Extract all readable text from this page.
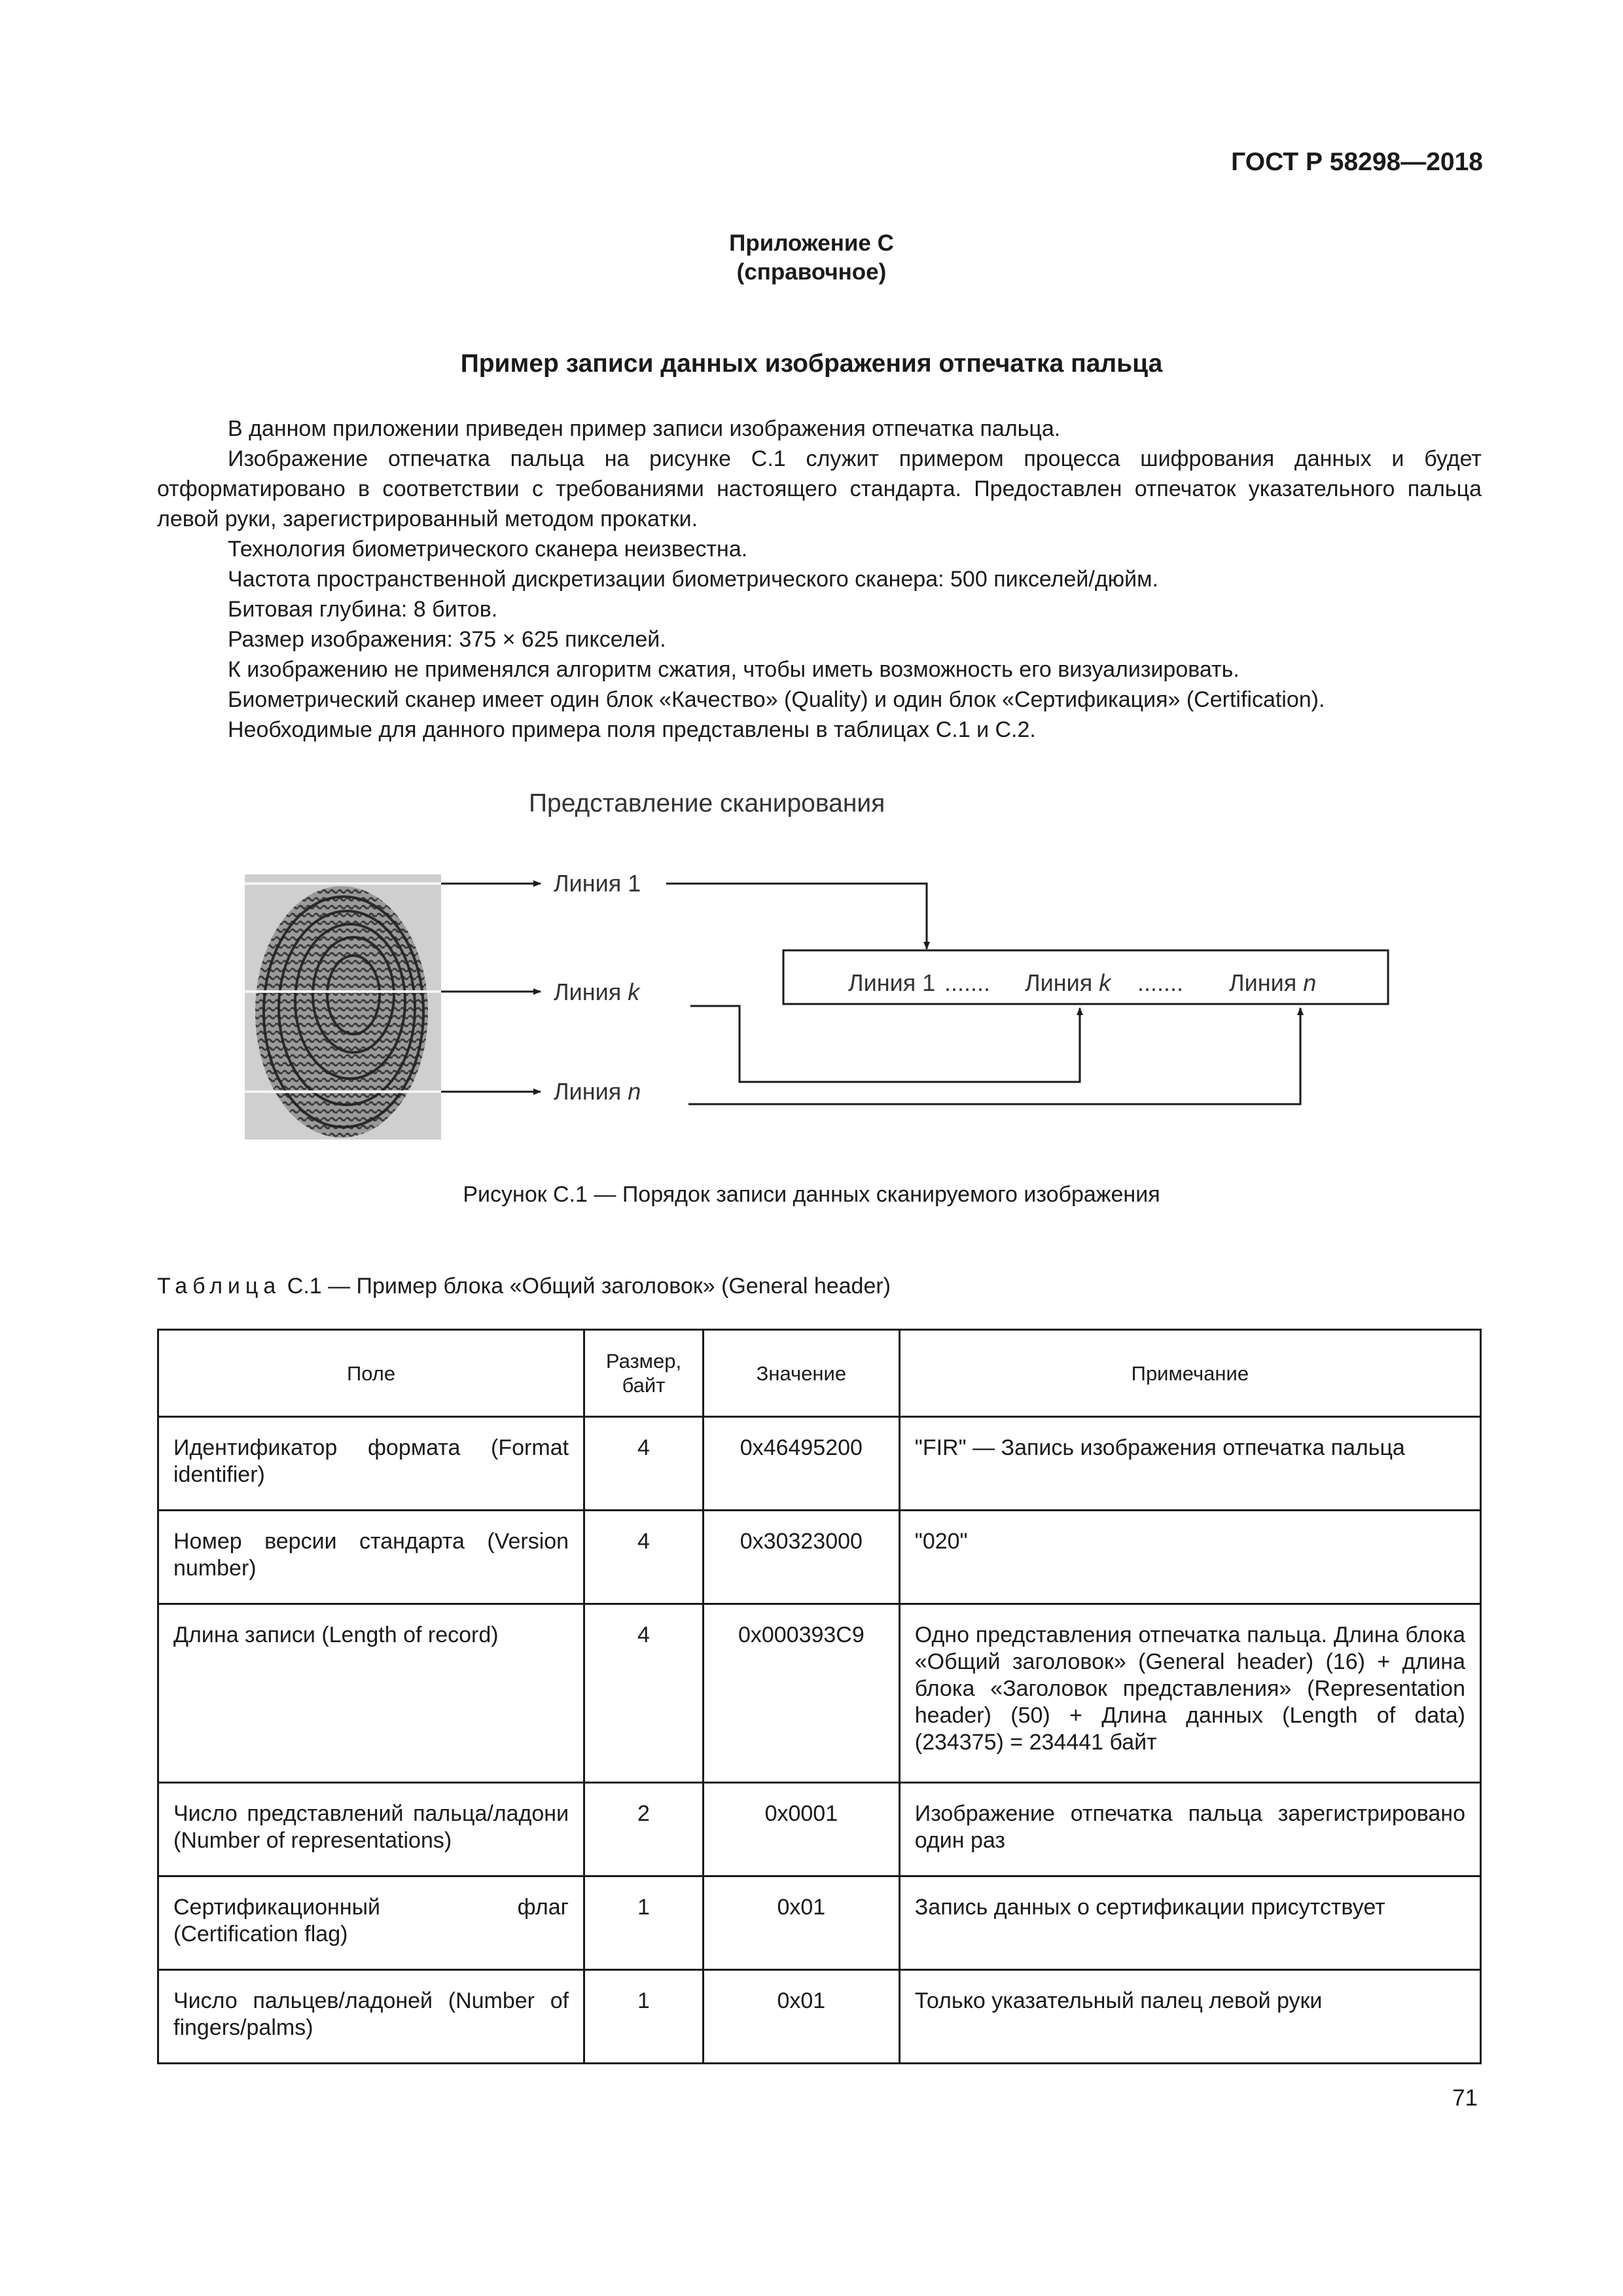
ГОСТ Р 58298—2018
Приложение С
(справочное)
Пример записи данных изображения отпечатка пальца

В данном приложении приведен пример записи изображения отпечатка пальца.

Изображение отпечатка пальца на рисунке С.1 служит примером процесса шифрования данных и будет отформатировано в соответствии с требованиями настоящего стандарта. Предоставлен отпечаток указательного пальца левой руки, зарегистрированный методом прокатки.

Технология биометрического сканера неизвестна.

Частота пространственной дискретизации биометрического сканера: 500 пикселей/дюйм.

Битовая глубина: 8 битов.

Размер изображения: 375 × 625 пикселей.

К изображению не применялся алгоритм сжатия, чтобы иметь возможность его визуализировать.

Биометрический сканер имеет один блок «Качество» (Quality) и один блок «Сертификация» (Certification).

Необходимые для данного примера поля представлены в таблицах С.1 и С.2.

Представление сканирования
Линия 1
Линия k
Линия n
Линия 1 ....... Линия k ....... Линия n
Рисунок С.1 — Порядок записи данных сканируемого изображения
Таблица С.1 — Пример блока «Общий заголовок» (General header)
Поле	Размер, байт	Значение	Примечание
Идентификатор формата (Format identifier)	4	0x46495200	"FIR" — Запись изображения отпечатка пальца
Номер версии стандарта (Version number)	4	0x30323000	"020"
Длина записи (Length of record)	4	0x000393C9	Одно представления отпечатка пальца. Длина блока «Общий заголовок» (General header) (16) + длина блока «Заголовок представления» (Representation header) (50) + Длина данных (Length of data) (234375) = 234441 байт
Число представлений пальца/ладони (Number of representations)	2	0x0001	Изображение отпечатка пальца зарегистрировано один раз
Сертификационный флаг (Certification flag)	1	0x01	Запись данных о сертификации присутствует
Число пальцев/ладоней (Number of fingers/palms)	1	0x01	Только указательный палец левой руки
71
